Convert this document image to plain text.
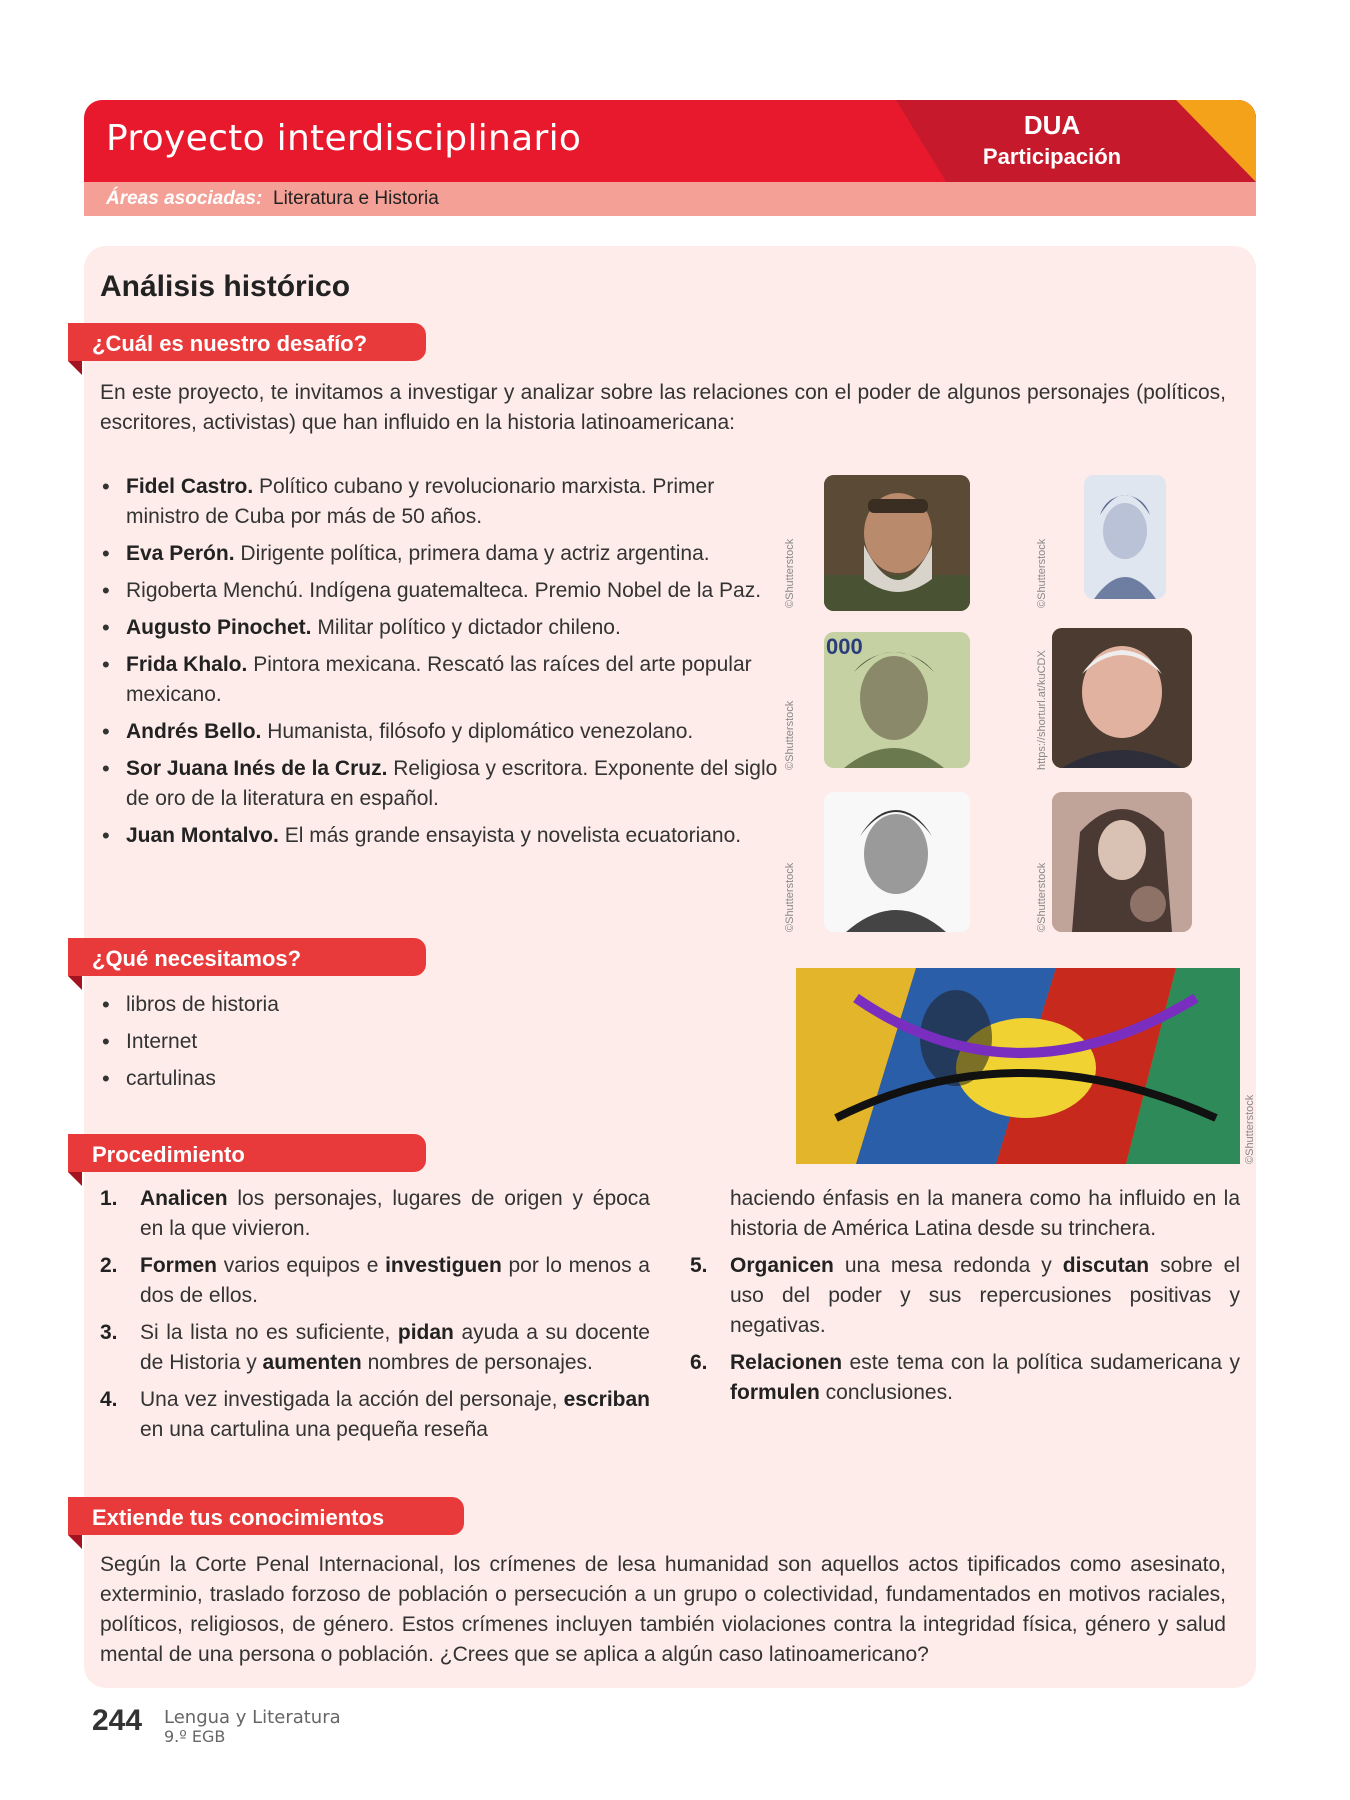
Proyecto interdisciplinario	DUA
Participación
Áreas asociadas: Literatura e Historia
Análisis histórico
¿Cuál es nuestro desafío?
En este proyecto, te invitamos a investigar y analizar sobre las relaciones con el poder de algunos personajes (políticos, escritores, activistas) que han influido en la historia latinoamericana:
• Fidel Castro. Político cubano y revolucionario marxista. Primer ministro de Cuba por más de 50 años.
• Eva Perón. Dirigente política, primera dama y actriz argentina.
• Rigoberta Menchú. Indígena guatemalteca. Premio Nobel de la Paz.
• Augusto Pinochet. Militar político y dictador chileno.
• Frida Khalo. Pintora mexicana. Rescató las raíces del arte popular mexicano.
• Andrés Bello. Humanista, filósofo y diplomático venezolano.
• Sor Juana Inés de la Cruz. Religiosa y escritora. Exponente del siglo de oro de la literatura en español.
• Juan Montalvo. El más grande ensayista y novelista ecuatoriano.
000
©Shutterstock	©Shutterstock
©Shutterstock	https://shorturl.at/kuCDX
©Shutterstock	©Shutterstock
©Shutterstock
¿Qué necesitamos?
• libros de historia
• Internet
• cartulinas
Procedimiento
1. Analicen los personajes, lugares de origen y época en la que vivieron.
2. Formen varios equipos e investiguen por lo menos a dos de ellos.
3. Si la lista no es suficiente, pidan ayuda a su docente de Historia y aumenten nombres de personajes.
4. Una vez investigada la acción del personaje, escriban en una cartulina una pequeña reseña
haciendo énfasis en la manera como ha influido en la historia de América Latina desde su trinchera.
5. Organicen una mesa redonda y discutan sobre el uso del poder y sus repercusiones positivas y negativas.
6. Relacionen este tema con la política sudamericana y formulen conclusiones.
Extiende tus conocimientos
Según la Corte Penal Internacional, los crímenes de lesa humanidad son aquellos actos tipificados como asesinato, exterminio, traslado forzoso de población o persecución a un grupo o colectividad, fundamentados en motivos raciales, políticos, religiosos, de género. Estos crímenes incluyen también violaciones contra la integridad física, género y salud mental de una persona o población. ¿Crees que se aplica a algún caso latinoamericano?
244 Lengua y Literatura
9.º EGB
